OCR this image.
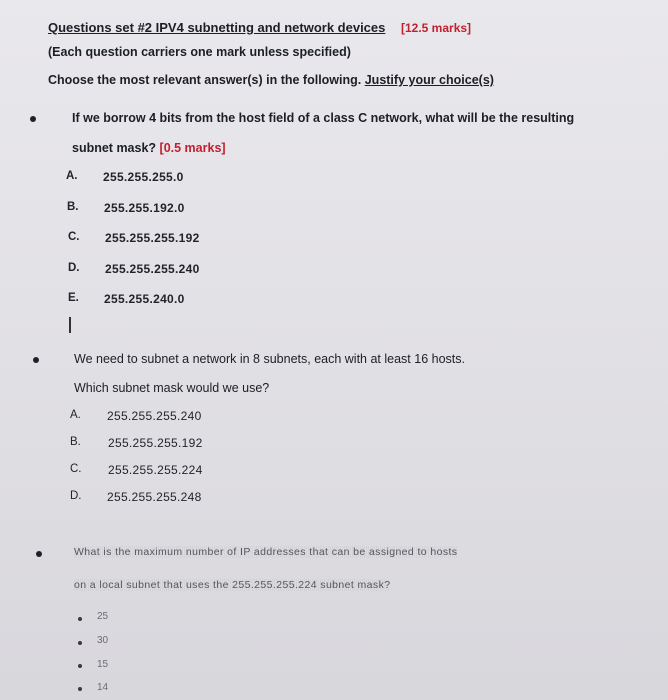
Questions set #2 IPV4 subnetting and network devices [12.5 marks]
(Each question carriers one mark unless specified)
Choose the most relevant answer(s) in the following. Justify your choice(s)
If we borrow 4 bits from the host field of a class C network, what will be the resulting
subnet mask? [0.5 marks]
A. 255.255.255.0
B. 255.255.192.0
C. 255.255.255.192
D. 255.255.255.240
E. 255.255.240.0
We need to subnet a network in 8 subnets, each with at least 16 hosts.
Which subnet mask would we use?
A. 255.255.255.240
B. 255.255.255.192
C. 255.255.255.224
D. 255.255.255.248
What is the maximum number of IP addresses that can be assigned to hosts
on a local subnet that uses the 255.255.255.224 subnet mask?
25
30
15
14
